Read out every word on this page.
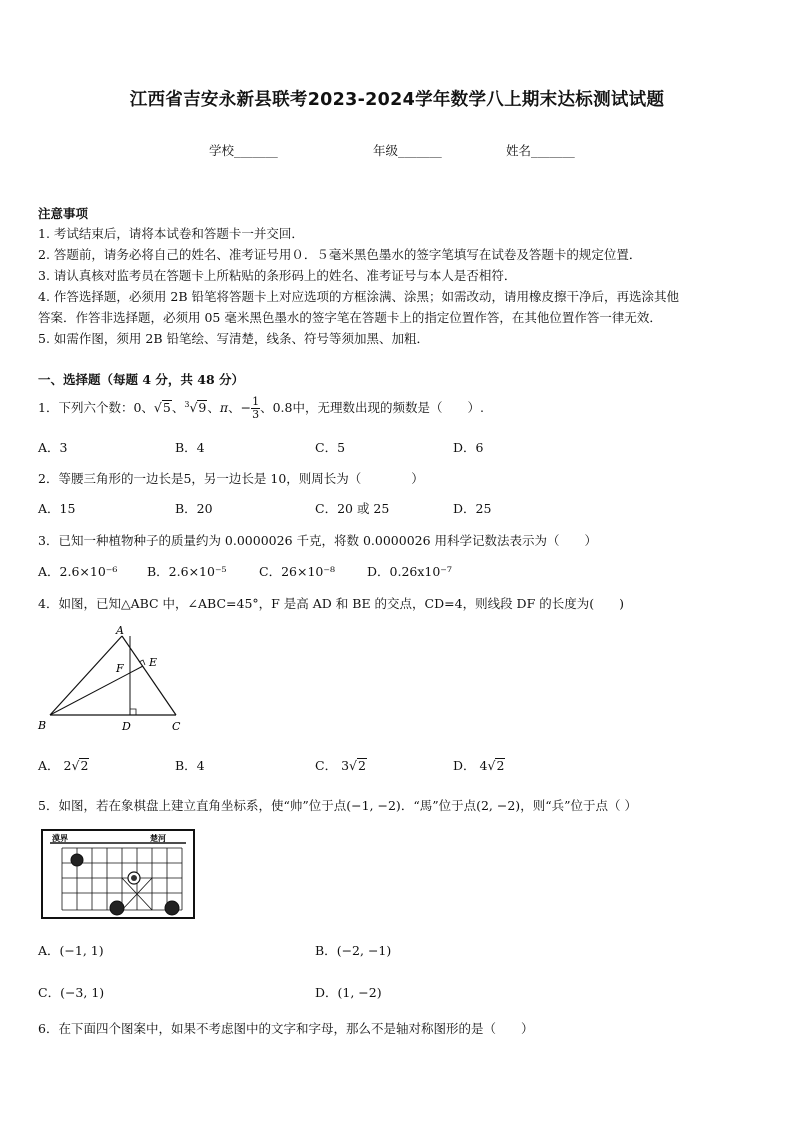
江西省吉安永新县联考2023-2024学年数学八上期末达标测试试题
学校_______	年级_______	姓名_______
注意事项
1. 考试结束后，请将本试卷和答题卡一并交回．
2. 答题前，请务必将自己的姓名、准考证号用０．５毫米黑色墨水的签字笔填写在试卷及答题卡的规定位置．
3. 请认真核对监考员在答题卡上所粘贴的条形码上的姓名、准考证号与本人是否相符．
4. 作答选择题，必须用 2B 铅笔将答题卡上对应选项的方框涂满、涂黑；如需改动，请用橡皮擦干净后，再选涂其他
答案．作答非选择题，必须用 05 毫米黑色墨水的签字笔在答题卡上的指定位置作答，在其他位置作答一律无效．
5. 如需作图，须用 2B 铅笔绘、写清楚，线条、符号等须加黑、加粗．
一、选择题（每题 4 分，共 48 分）
1．下列六个数：0、√5、$^3$√9、π、− $\frac{1}{3}$ 、0.8中，无理数出现的频数是（　　）.
A．3	B．4	C．5	D．6
2．等腰三角形的一边长是5，另一边长是 10，则周长为（　　　　）
A．15	B．20	C．20 或 25	D．25
3．已知一种植物种子的质量约为 0.0000026 千克，将数 0.0000026 用科学记数法表示为（　　）
A．2.6×10⁻⁶ B．2.6×10⁻⁵	C．26×10⁻⁸	D．0.26x10⁻⁷
4．如图，已知△ABC 中，∠ABC=45°，F 是高 AD 和 BE 的交点，CD=4，则线段 DF 的长度为(　　)
A
B	C
D
E
F
A． 2√2	B．4	C． 3√2	D． 4√2
5．如图，若在象棋盘上建立直角坐标系，使“帅”位于点(−1, −2)．“馬”位于点(2, −2)，则“兵”位于点（ ）
漠界	楚河
A．(−1, 1)	B．(−2, −1)
C．(−3, 1)	D．(1, −2)
6．在下面四个图案中，如果不考虑图中的文字和字母，那么不是轴对称图形的是（　　）
